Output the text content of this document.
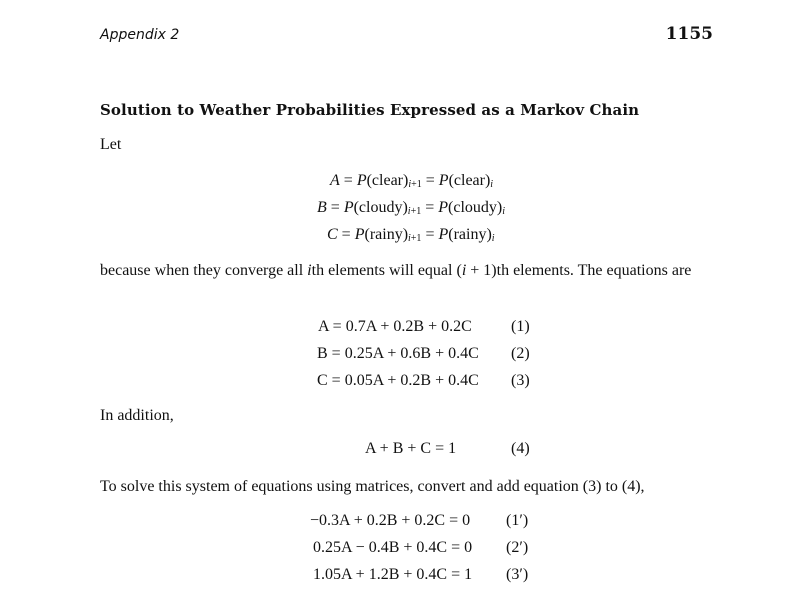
Appendix 2	1155
Solution to Weather Probabilities Expressed as a Markov Chain
Let
$A = P(clear)_{i+1}$ = $P(clear)_i$
$B = P(cloudy)_{i+1}$ = $P(cloudy)_i$
$C = P(rainy)_{i+1}$ = $P(rainy)_i$
because when they converge all ith elements will equal (i + 1)th elements. The equations are
A = 0.7A + 0.2B + 0.2C (1)
B = 0.25A + 0.6B + 0.4C (2)
C = 0.05A + 0.2B + 0.4C (3)
In addition,
A + B + C = 1	(4)
To solve this system of equations using matrices, convert and add equation (3) to (4),
−0.3A + 0.2B + 0.2C = 0 (1′)
0.25A − 0.4B + 0.4C = 0 (2′)
1.05A + 1.2B + 0.4C = 1 (3′)
